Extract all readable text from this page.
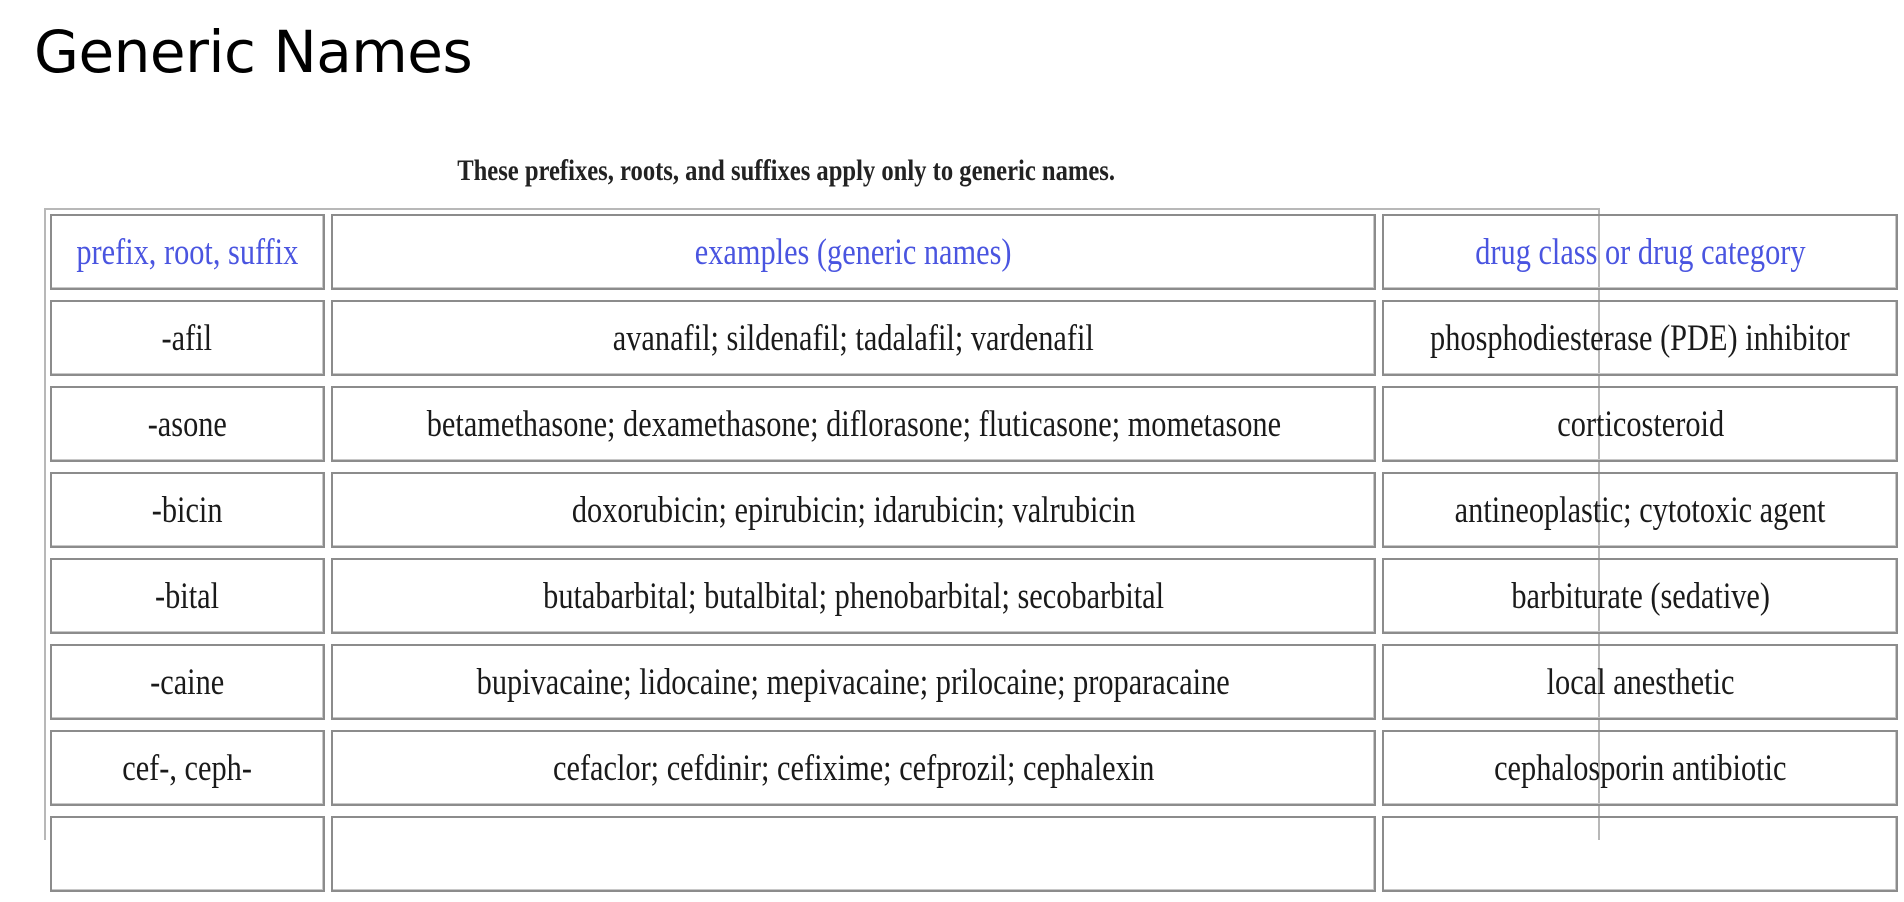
Generic Names
These prefixes, roots, and suffixes apply only to generic names.
prefix, root, suffix	examples (generic names)	drug class or drug category
-afil	avanafil; sildenafil; tadalafil; vardenafil	phosphodiesterase (PDE) inhibitor
-asone	betamethasone; dexamethasone; diflorasone; fluticasone; mometasone	corticosteroid
-bicin	doxorubicin; epirubicin; idarubicin; valrubicin	antineoplastic; cytotoxic agent
-bital	butabarbital; butalbital; phenobarbital; secobarbital	barbiturate (sedative)
-caine	bupivacaine; lidocaine; mepivacaine; prilocaine; proparacaine	local anesthetic
cef-, ceph-	cefaclor; cefdinir; cefixime; cefprozil; cephalexin	cephalosporin antibiotic
